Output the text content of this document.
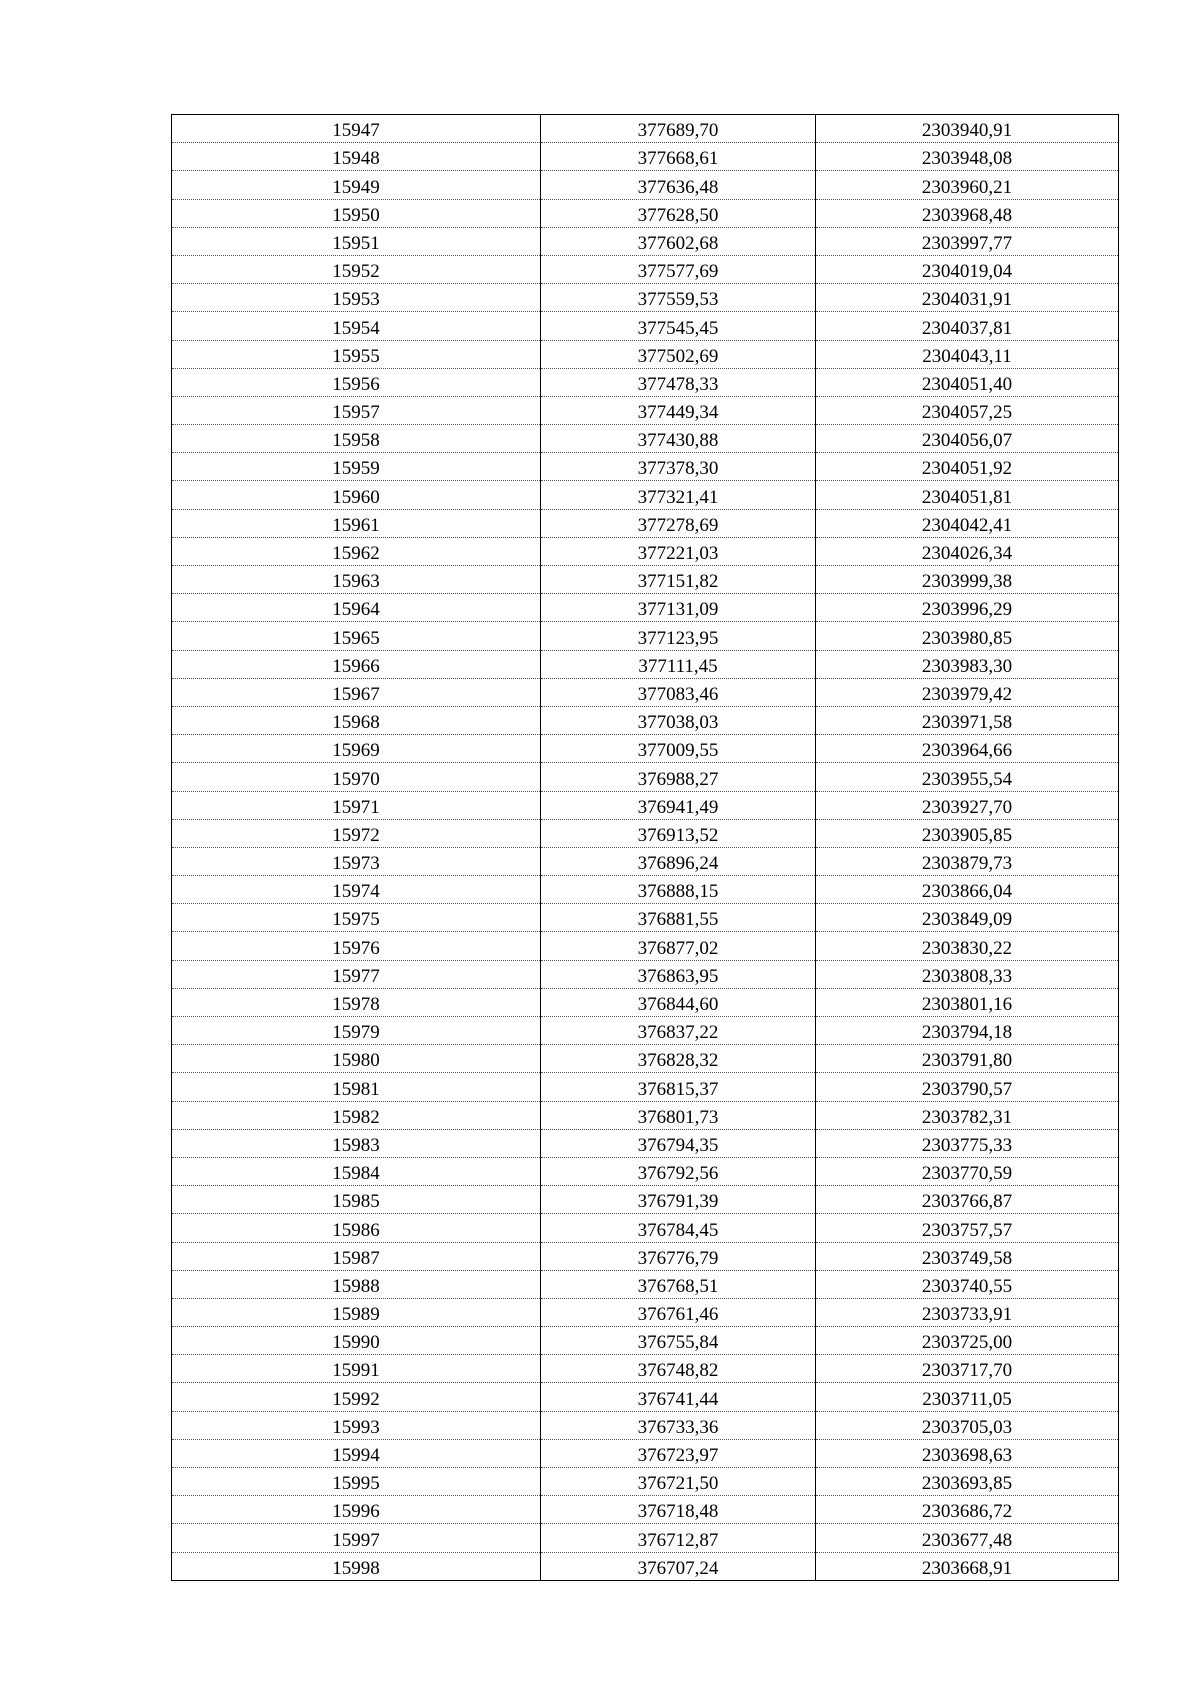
15947	377689,70	2303940,91
15948	377668,61	2303948,08
15949	377636,48	2303960,21
15950	377628,50	2303968,48
15951	377602,68	2303997,77
15952	377577,69	2304019,04
15953	377559,53	2304031,91
15954	377545,45	2304037,81
15955	377502,69	2304043,11
15956	377478,33	2304051,40
15957	377449,34	2304057,25
15958	377430,88	2304056,07
15959	377378,30	2304051,92
15960	377321,41	2304051,81
15961	377278,69	2304042,41
15962	377221,03	2304026,34
15963	377151,82	2303999,38
15964	377131,09	2303996,29
15965	377123,95	2303980,85
15966	377111,45	2303983,30
15967	377083,46	2303979,42
15968	377038,03	2303971,58
15969	377009,55	2303964,66
15970	376988,27	2303955,54
15971	376941,49	2303927,70
15972	376913,52	2303905,85
15973	376896,24	2303879,73
15974	376888,15	2303866,04
15975	376881,55	2303849,09
15976	376877,02	2303830,22
15977	376863,95	2303808,33
15978	376844,60	2303801,16
15979	376837,22	2303794,18
15980	376828,32	2303791,80
15981	376815,37	2303790,57
15982	376801,73	2303782,31
15983	376794,35	2303775,33
15984	376792,56	2303770,59
15985	376791,39	2303766,87
15986	376784,45	2303757,57
15987	376776,79	2303749,58
15988	376768,51	2303740,55
15989	376761,46	2303733,91
15990	376755,84	2303725,00
15991	376748,82	2303717,70
15992	376741,44	2303711,05
15993	376733,36	2303705,03
15994	376723,97	2303698,63
15995	376721,50	2303693,85
15996	376718,48	2303686,72
15997	376712,87	2303677,48
15998	376707,24	2303668,91
